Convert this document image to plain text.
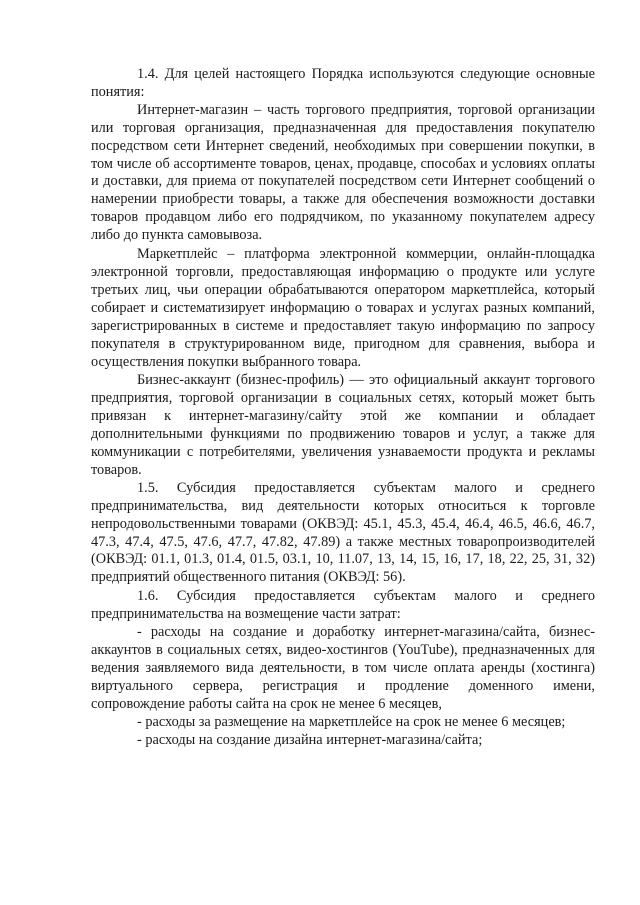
1.4. Для целей настоящего Порядка используются следующие основные понятия:

Интернет-магазин – часть торгового предприятия, торговой организации или торговая организация, предназначенная для предоставления покупателю посредством сети Интернет сведений, необходимых при совершении покупки, в том числе об ассортименте товаров, ценах, продавце, способах и условиях оплаты и доставки, для приема от покупателей посредством сети Интернет сообщений о намерении приобрести товары, а также для обеспечения возможности доставки товаров продавцом либо его подрядчиком, по указанному покупателем адресу либо до пункта самовывоза.

Маркетплейс – платформа электронной коммерции, онлайн-площадка электронной торговли, предоставляющая информацию о продукте или услуге третьих лиц, чьи операции обрабатываются оператором маркетплейса, который собирает и систематизирует информацию о товарах и услугах разных компаний, зарегистрированных в системе и предоставляет такую информацию по запросу покупателя в структурированном виде, пригодном для сравнения, выбора и осуществления покупки выбранного товара.

Бизнес-аккаунт (бизнес-профиль) — это официальный аккаунт торгового предприятия, торговой организации в социальных сетях, который может быть привязан к интернет-магазину/сайту этой же компании и обладает дополнительными функциями по продвижению товаров и услуг, а также для коммуникации с потребителями, увеличения узнаваемости продукта и рекламы товаров.

1.5. Субсидия предоставляется субъектам малого и среднего предпринимательства, вид деятельности которых относиться к торговле непродовольственными товарами (ОКВЭД: 45.1, 45.3, 45.4, 46.4, 46.5, 46.6, 46.7, 47.3, 47.4, 47.5, 47.6, 47.7, 47.82, 47.89) а также местных товаропроизводителей (ОКВЭД: 01.1, 01.3, 01.4, 01.5, 03.1, 10, 11.07, 13, 14, 15, 16, 17, 18, 22, 25, 31, 32) предприятий общественного питания (ОКВЭД: 56).

1.6. Субсидия предоставляется субъектам малого и среднего предпринимательства на возмещение части затрат:

- расходы на создание и доработку интернет-магазина/сайта, бизнес-аккаунтов в социальных сетях, видео-хостингов (YouTube), предназначенных для ведения заявляемого вида деятельности, в том числе оплата аренды (хостинга) виртуального сервера, регистрация и продление доменного имени, сопровождение работы сайта на срок не менее 6 месяцев,

- расходы за размещение на маркетплейсе на срок не менее 6 месяцев;

- расходы на создание дизайна интернет-магазина/сайта;
